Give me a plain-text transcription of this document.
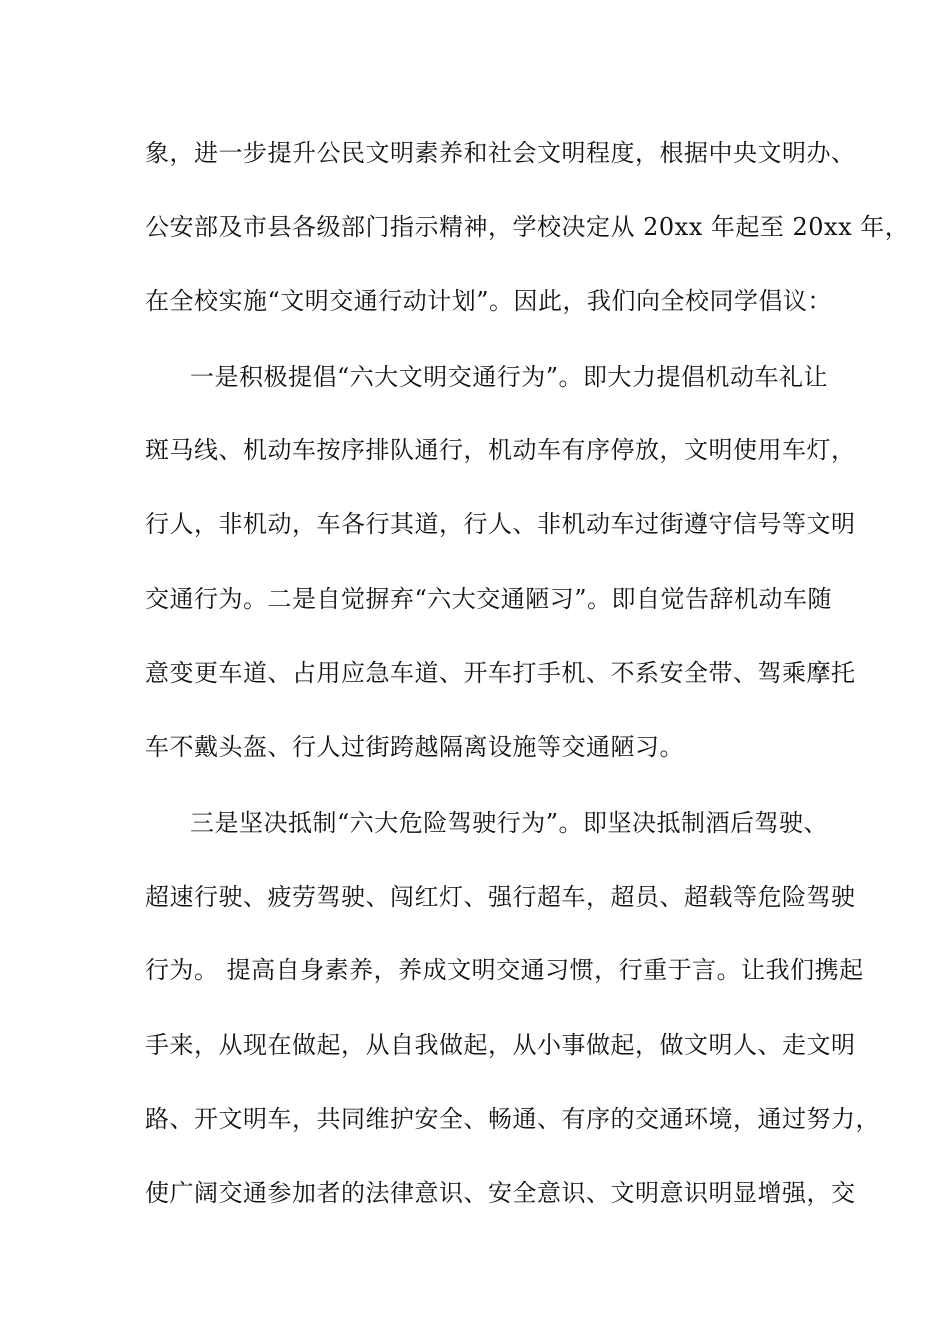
象，进一步提升公民文明素养和社会文明程度，根据中央文明办、
公安部及市县各级部门指示精神，学校决定从 20xx 年起至 20xx 年，
在全校实施“文明交通行动计划”。因此，我们向全校同学倡议：
一是积极提倡“六大文明交通行为”。即大力提倡机动车礼让
斑马线、机动车按序排队通行，机动车有序停放，文明使用车灯，
行人，非机动，车各行其道，行人、非机动车过街遵守信号等文明
交通行为。二是自觉摒弃“六大交通陋习”。即自觉告辞机动车随
意变更车道、占用应急车道、开车打手机、不系安全带、驾乘摩托
车不戴头盔、行人过街跨越隔离设施等交通陋习。
三是坚决抵制“六大危险驾驶行为”。即坚决抵制酒后驾驶、
超速行驶、疲劳驾驶、闯红灯、强行超车，超员、超载等危险驾驶
行为。 提高自身素养，养成文明交通习惯，行重于言。让我们携起
手来，从现在做起，从自我做起，从小事做起，做文明人、走文明
路、开文明车，共同维护安全、畅通、有序的交通环境，通过努力，
使广阔交通参加者的法律意识、安全意识、文明意识明显增强，交
